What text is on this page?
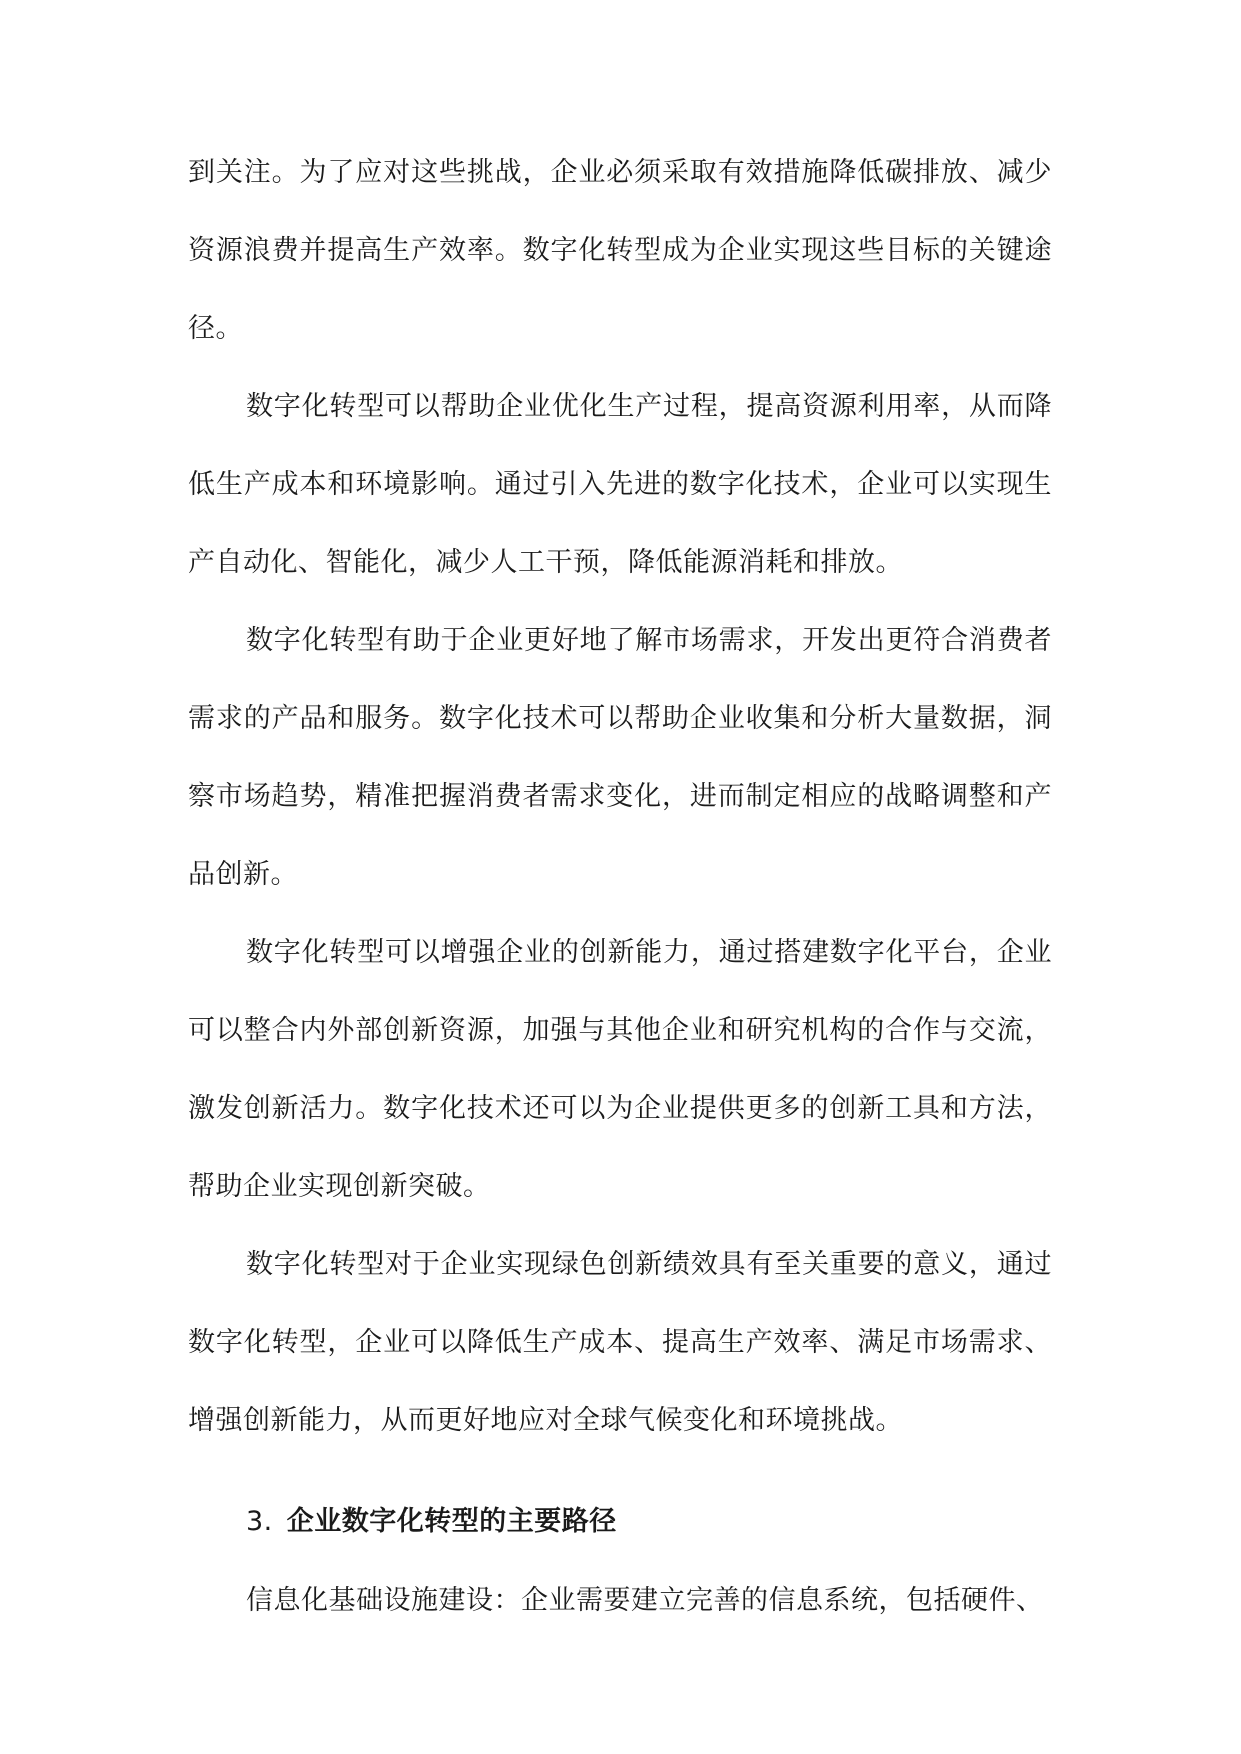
到关注。为了应对这些挑战，企业必须采取有效措施降低碳排放、减少资源浪费并提高生产效率。数字化转型成为企业实现这些目标的关键途径。

数字化转型可以帮助企业优化生产过程，提高资源利用率，从而降低生产成本和环境影响。通过引入先进的数字化技术，企业可以实现生产自动化、智能化，减少人工干预，降低能源消耗和排放。

数字化转型有助于企业更好地了解市场需求，开发出更符合消费者需求的产品和服务。数字化技术可以帮助企业收集和分析大量数据，洞察市场趋势，精准把握消费者需求变化，进而制定相应的战略调整和产品创新。

数字化转型可以增强企业的创新能力，通过搭建数字化平台，企业可以整合内外部创新资源，加强与其他企业和研究机构的合作与交流，激发创新活力。数字化技术还可以为企业提供更多的创新工具和方法，帮助企业实现创新突破。

数字化转型对于企业实现绿色创新绩效具有至关重要的意义，通过数字化转型，企业可以降低生产成本、提高生产效率、满足市场需求、增强创新能力，从而更好地应对全球气候变化和环境挑战。

3. 企业数字化转型的主要路径

信息化基础设施建设：企业需要建立完善的信息系统，包括硬件、
